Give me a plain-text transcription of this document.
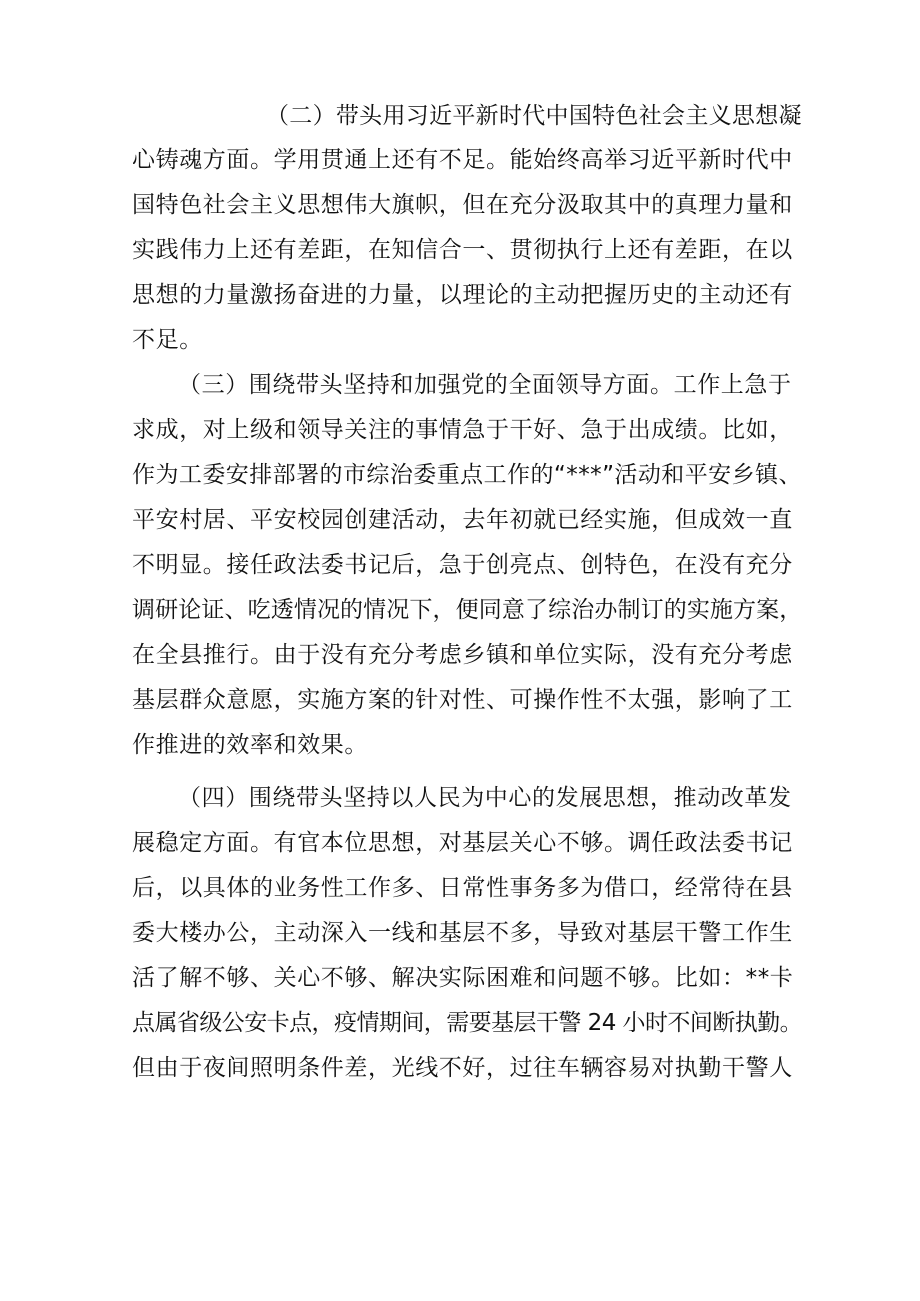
（二）带头用习近平新时代中国特色社会主义思想凝
心铸魂方面。学用贯通上还有不足。能始终高举习近平新时代中
国特色社会主义思想伟大旗帜，但在充分汲取其中的真理力量和
实践伟力上还有差距，在知信合一、贯彻执行上还有差距，在以
思想的力量激扬奋进的力量，以理论的主动把握历史的主动还有
不足。
（三）围绕带头坚持和加强党的全面领导方面。工作上急于
求成，对上级和领导关注的事情急于干好、急于出成绩。比如，
作为工委安排部署的市综治委重点工作的“***”活动和平安乡镇、
平安村居、平安校园创建活动，去年初就已经实施，但成效一直
不明显。接任政法委书记后，急于创亮点、创特色，在没有充分
调研论证、吃透情况的情况下，便同意了综治办制订的实施方案，
在全县推行。由于没有充分考虑乡镇和单位实际，没有充分考虑
基层群众意愿，实施方案的针对性、可操作性不太强，影响了工
作推进的效率和效果。
（四）围绕带头坚持以人民为中心的发展思想，推动改革发
展稳定方面。有官本位思想，对基层关心不够。调任政法委书记
后，以具体的业务性工作多、日常性事务多为借口，经常待在县
委大楼办公，主动深入一线和基层不多，导致对基层干警工作生
活了解不够、关心不够、解决实际困难和问题不够。比如：**卡
点属省级公安卡点，疫情期间，需要基层干警 24 小时不间断执勤。
但由于夜间照明条件差，光线不好，过往车辆容易对执勤干警人
